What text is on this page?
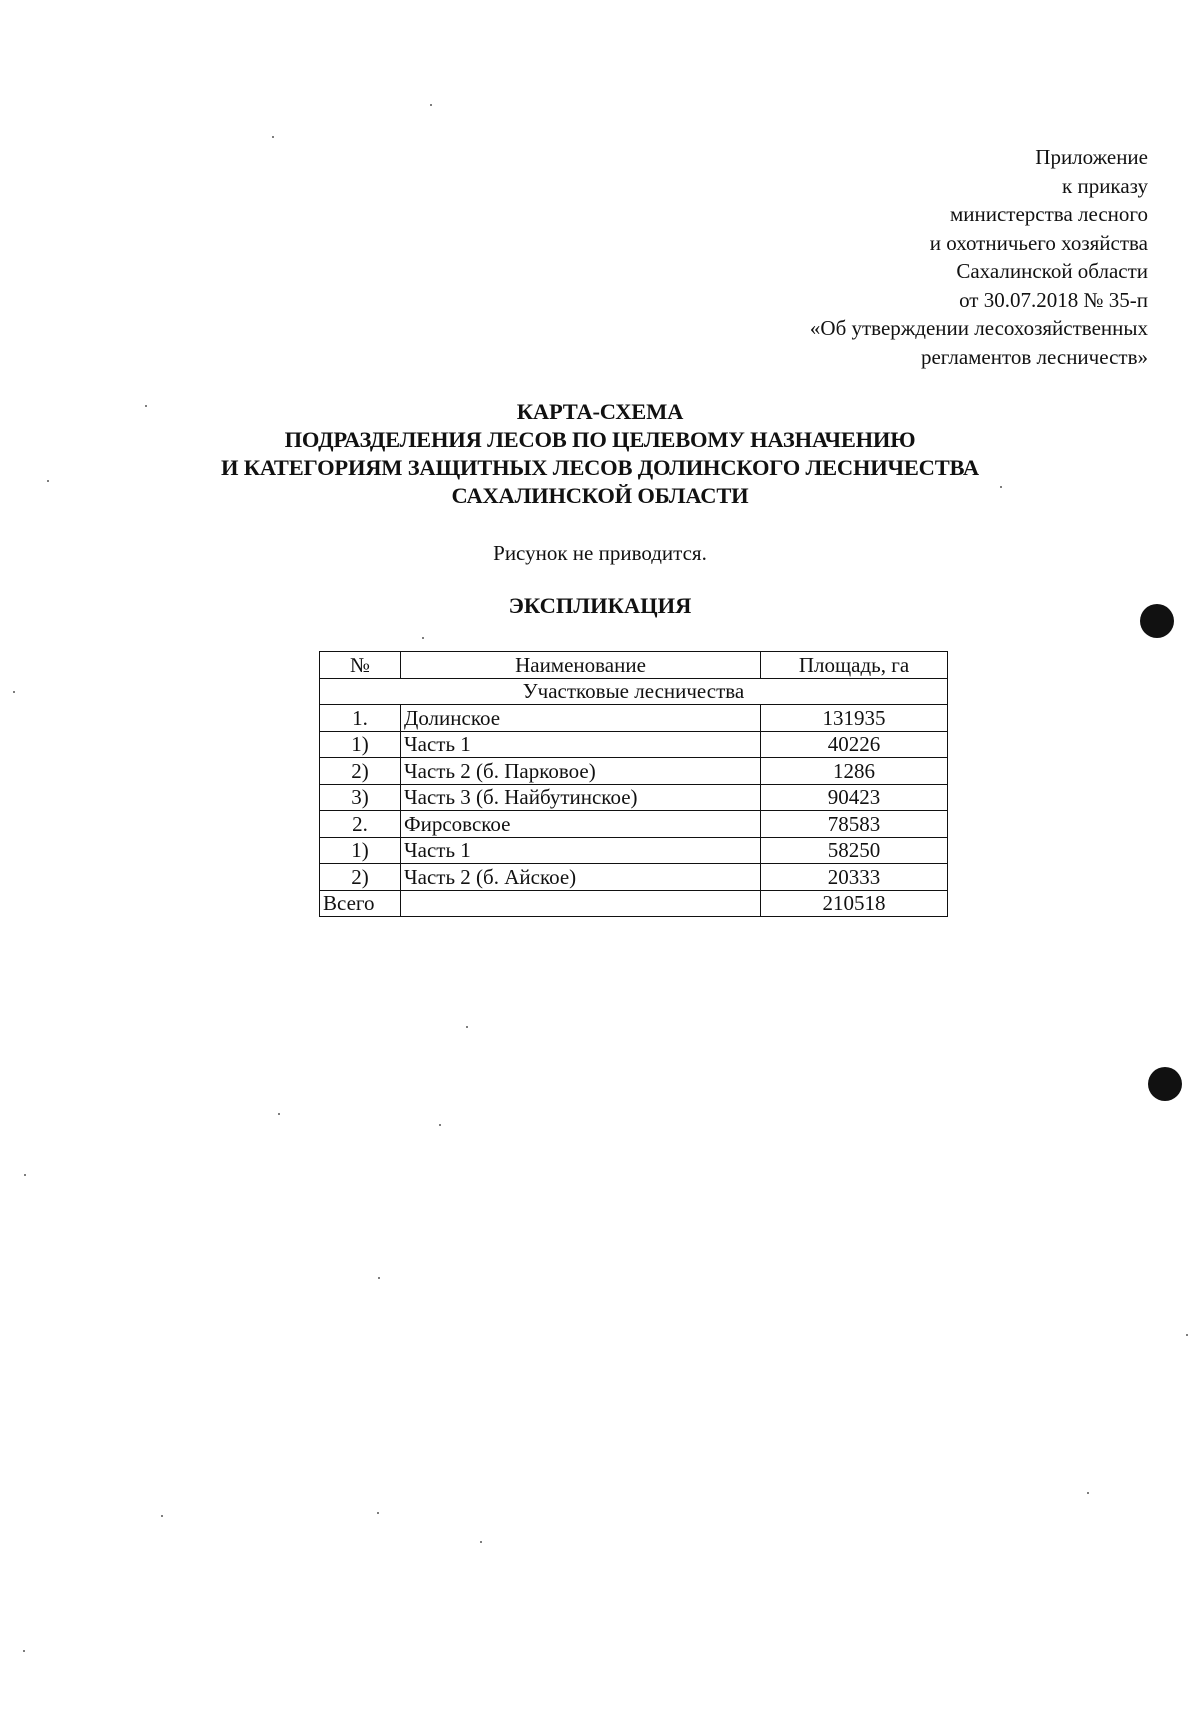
Приложение
к приказу
министерства лесного
и охотничьего хозяйства
Сахалинской области
от 30.07.2018 № 35-п
«Об утверждении лесохозяйственных
регламентов лесничеств»
КАРТА-СХЕМА
ПОДРАЗДЕЛЕНИЯ ЛЕСОВ ПО ЦЕЛЕВОМУ НАЗНАЧЕНИЮ
И КАТЕГОРИЯМ ЗАЩИТНЫХ ЛЕСОВ ДОЛИНСКОГО ЛЕСНИЧЕСТВА
САХАЛИНСКОЙ ОБЛАСТИ
Рисунок не приводится.
ЭКСПЛИКАЦИЯ
№	Наименование	Площадь, га
Участковые лесничества		
1.	Долинское	131935
1)	Часть 1	40226
2)	Часть 2 (б. Парковое)	1286
3)	Часть 3 (б. Найбутинское)	90423
2.	Фирсовское	78583
1)	Часть 1	58250
2)	Часть 2 (б. Айское)	20333
Всего		210518
